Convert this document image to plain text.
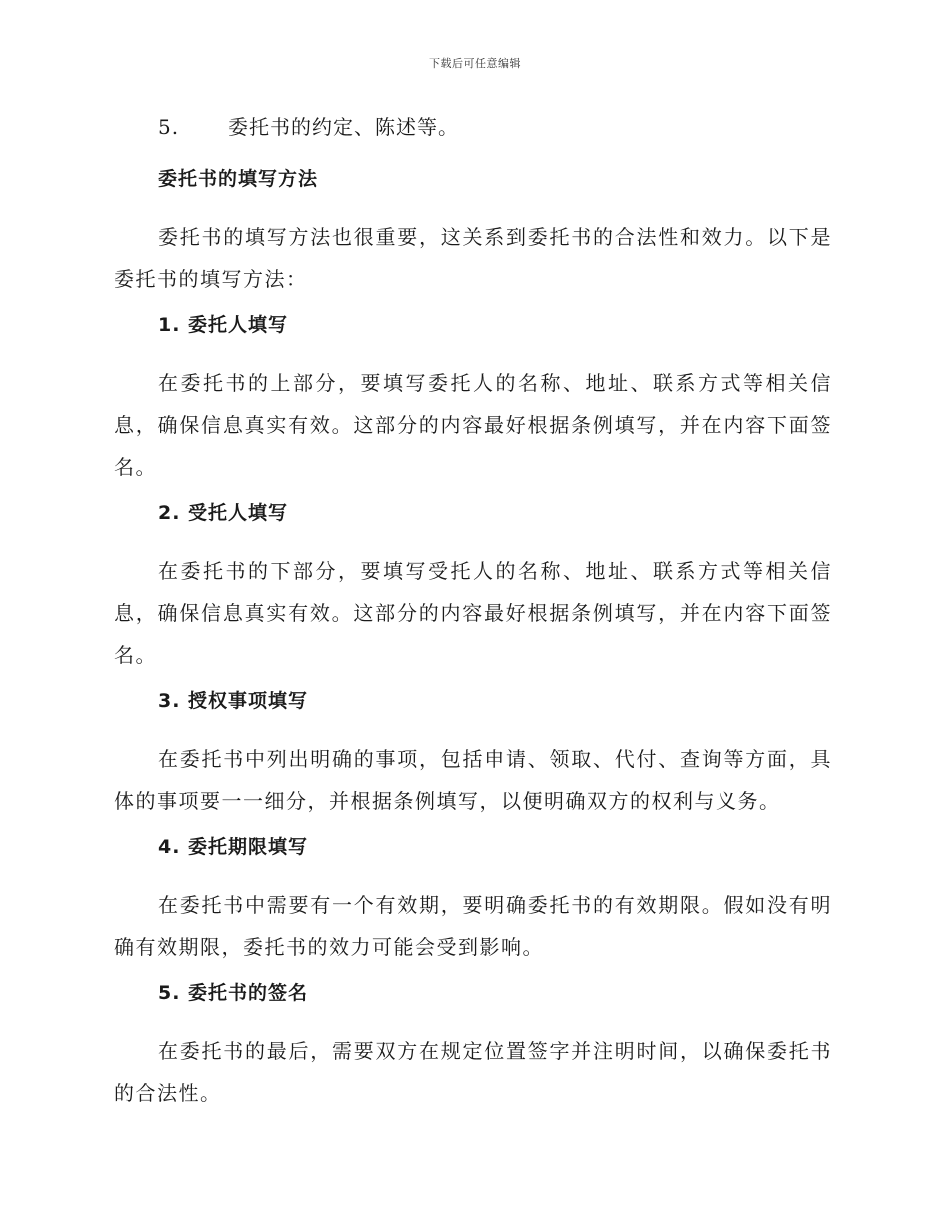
下载后可任意编辑
5. 委托书的约定、陈述等。
委托书的填写方法

委托书的填写方法也很重要，这关系到委托书的合法性和效力。以下是委托书的填写方法：

1. 委托人填写

在委托书的上部分，要填写委托人的名称、地址、联系方式等相关信息，确保信息真实有效。这部分的内容最好根据条例填写，并在内容下面签名。

2. 受托人填写

在委托书的下部分，要填写受托人的名称、地址、联系方式等相关信息，确保信息真实有效。这部分的内容最好根据条例填写，并在内容下面签名。

3. 授权事项填写

在委托书中列出明确的事项，包括申请、领取、代付、查询等方面，具体的事项要一一细分，并根据条例填写，以便明确双方的权利与义务。

4. 委托期限填写

在委托书中需要有一个有效期，要明确委托书的有效期限。假如没有明确有效期限，委托书的效力可能会受到影响。

5. 委托书的签名

在委托书的最后，需要双方在规定位置签字并注明时间，以确保委托书的合法性。
